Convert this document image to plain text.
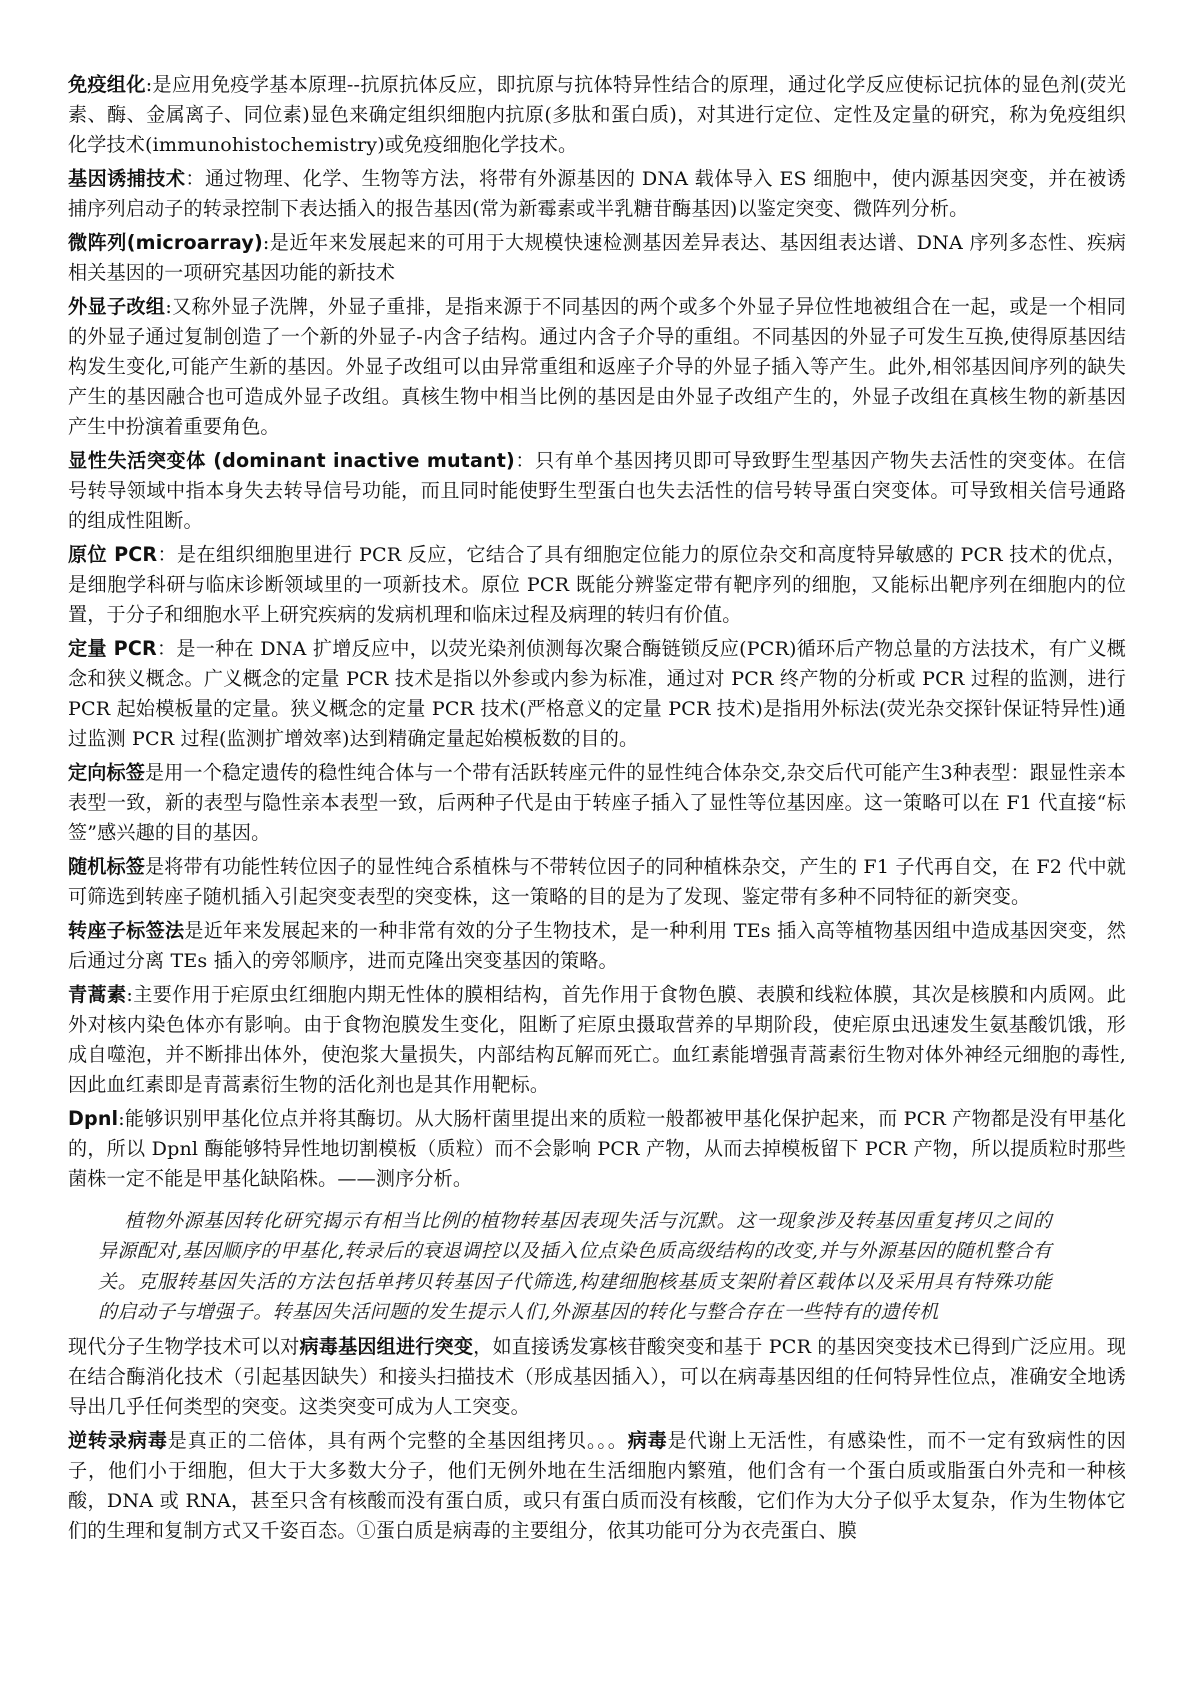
免疫组化:是应用免疫学基本原理--抗原抗体反应，即抗原与抗体特异性结合的原理，通过化学反应使标记抗体的显色剂(荧光素、酶、金属离子、同位素)显色来确定组织细胞内抗原(多肽和蛋白质)，对其进行定位、定性及定量的研究，称为免疫组织化学技术(immunohistochemistry)或免疫细胞化学技术。

基因诱捕技术：通过物理、化学、生物等方法，将带有外源基因的 DNA 载体导入 ES 细胞中，使内源基因突变，并在被诱捕序列启动子的转录控制下表达插入的报告基因(常为新霉素或半乳糖苷酶基因)以鉴定突变、微阵列分析。

微阵列(microarray):是近年来发展起来的可用于大规模快速检测基因差异表达、基因组表达谱、DNA 序列多态性、疾病相关基因的一项研究基因功能的新技术

外显子改组:又称外显子洗牌，外显子重排，是指来源于不同基因的两个或多个外显子异位性地被组合在一起，或是一个相同的外显子通过复制创造了一个新的外显子-内含子结构。通过内含子介导的重组。不同基因的外显子可发生互换,使得原基因结构发生变化,可能产生新的基因。外显子改组可以由异常重组和返座子介导的外显子插入等产生。此外,相邻基因间序列的缺失产生的基因融合也可造成外显子改组。真核生物中相当比例的基因是由外显子改组产生的，外显子改组在真核生物的新基因产生中扮演着重要角色。

显性失活突变体 (dominant inactive mutant)：只有单个基因拷贝即可导致野生型基因产物失去活性的突变体。在信号转导领域中指本身失去转导信号功能，而且同时能使野生型蛋白也失去活性的信号转导蛋白突变体。可导致相关信号通路的组成性阻断。

原位 PCR：是在组织细胞里进行 PCR 反应，它结合了具有细胞定位能力的原位杂交和高度特异敏感的 PCR 技术的优点，是细胞学科研与临床诊断领域里的一项新技术。原位 PCR 既能分辨鉴定带有靶序列的细胞，又能标出靶序列在细胞内的位置，于分子和细胞水平上研究疾病的发病机理和临床过程及病理的转归有价值。

定量 PCR：是一种在 DNA 扩增反应中，以荧光染剂侦测每次聚合酶链锁反应(PCR)循环后产物总量的方法技术，有广义概念和狭义概念。广义概念的定量 PCR 技术是指以外参或内参为标准，通过对 PCR 终产物的分析或 PCR 过程的监测，进行 PCR 起始模板量的定量。狭义概念的定量 PCR 技术(严格意义的定量 PCR 技术)是指用外标法(荧光杂交探针保证特异性)通过监测 PCR 过程(监测扩增效率)达到精确定量起始模板数的目的。

定向标签是用一个稳定遗传的稳性纯合体与一个带有活跃转座元件的显性纯合体杂交,杂交后代可能产生3种表型：跟显性亲本表型一致，新的表型与隐性亲本表型一致，后两种子代是由于转座子插入了显性等位基因座。这一策略可以在 F1 代直接“标签”感兴趣的目的基因。

随机标签是将带有功能性转位因子的显性纯合系植株与不带转位因子的同种植株杂交，产生的 F1 子代再自交，在 F2 代中就可筛选到转座子随机插入引起突变表型的突变株，这一策略的目的是为了发现、鉴定带有多种不同特征的新突变。

转座子标签法是近年来发展起来的一种非常有效的分子生物技术，是一种利用 TEs 插入高等植物基因组中造成基因突变，然后通过分离 TEs 插入的旁邻顺序，进而克隆出突变基因的策略。

青蒿素:主要作用于疟原虫红细胞内期无性体的膜相结构，首先作用于食物色膜、表膜和线粒体膜，其次是核膜和内质网。此外对核内染色体亦有影响。由于食物泡膜发生变化，阻断了疟原虫摄取营养的早期阶段，使疟原虫迅速发生氨基酸饥饿，形成自噬泡，并不断排出体外，使泡浆大量损失，内部结构瓦解而死亡。血红素能增强青蒿素衍生物对体外神经元细胞的毒性,因此血红素即是青蒿素衍生物的活化剂也是其作用靶标。

Dpnl:能够识别甲基化位点并将其酶切。从大肠杆菌里提出来的质粒一般都被甲基化保护起来，而 PCR 产物都是没有甲基化的，所以 Dpnl 酶能够特异性地切割模板（质粒）而不会影响 PCR 产物，从而去掉模板留下 PCR 产物，所以提质粒时那些菌株一定不能是甲基化缺陷株。——测序分析。

植物外源基因转化研究揭示有相当比例的植物转基因表现失活与沉默。这一现象涉及转基因重复拷贝之间的异源配对,基因顺序的甲基化,转录后的衰退调控以及插入位点染色质高级结构的改变,并与外源基因的随机整合有关。克服转基因失活的方法包括单拷贝转基因子代筛选,构建细胞核基质支架附着区载体以及采用具有特殊功能的启动子与增强子。转基因失活问题的发生提示人们,外源基因的转化与整合存在一些特有的遗传机

现代分子生物学技术可以对病毒基因组进行突变，如直接诱发寡核苷酸突变和基于 PCR 的基因突变技术已得到广泛应用。现在结合酶消化技术（引起基因缺失）和接头扫描技术（形成基因插入），可以在病毒基因组的任何特异性位点，准确安全地诱导出几乎任何类型的突变。这类突变可成为人工突变。

逆转录病毒是真正的二倍体，具有两个完整的全基因组拷贝。。。病毒是代谢上无活性，有感染性，而不一定有致病性的因子，他们小于细胞，但大于大多数大分子，他们无例外地在生活细胞内繁殖，他们含有一个蛋白质或脂蛋白外壳和一种核酸，DNA 或 RNA，甚至只含有核酸而没有蛋白质，或只有蛋白质而没有核酸，它们作为大分子似乎太复杂，作为生物体它们的生理和复制方式又千姿百态。①蛋白质是病毒的主要组分，依其功能可分为衣壳蛋白、膜
